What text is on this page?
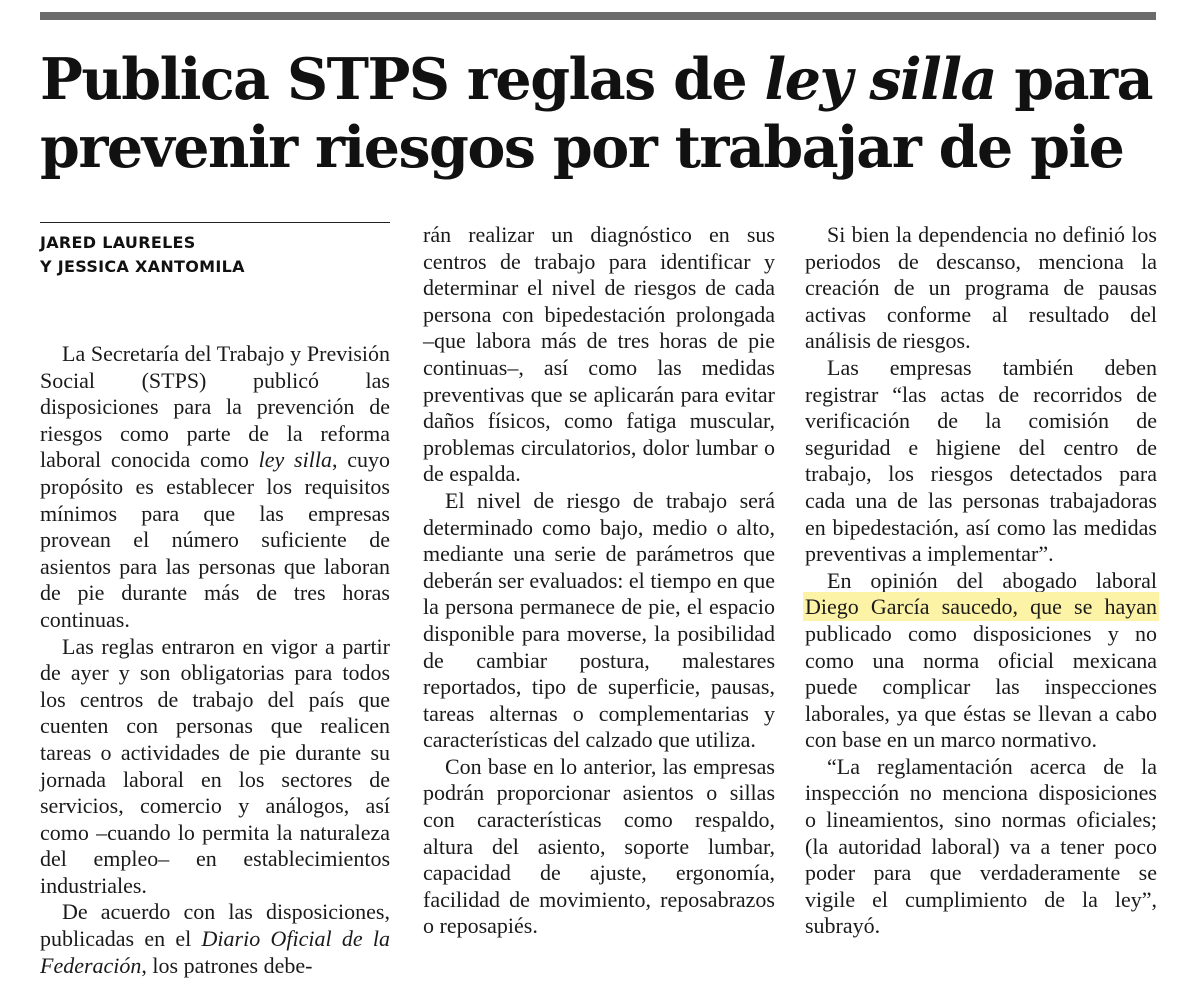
Publica STPS reglas de ley silla para
prevenir riesgos por trabajar de pie
JARED LAURELES
Y JESSICA XANTOMILA

La Secretaría del Trabajo y Previsión Social (STPS) publicó las disposiciones para la prevención de riesgos como parte de la reforma laboral conocida como ley silla, cuyo propósito es establecer los requisitos mínimos para que las empresas provean el número suficiente de asientos para las personas que laboran de pie durante más de tres horas continuas.

Las reglas entraron en vigor a partir de ayer y son obligatorias para todos los centros de trabajo del país que cuenten con personas que realicen tareas o actividades de pie durante su jornada laboral en los sectores de servicios, comercio y análogos, así como –cuando lo permita la naturaleza del empleo– en establecimientos industriales.

De acuerdo con las disposiciones, publicadas en el Diario Oficial de la Federación, los patrones debe-

rán realizar un diagnóstico en sus centros de trabajo para identificar y determinar el nivel de riesgos de cada persona con bipedestación prolongada –que labora más de tres horas de pie continuas–, así como las medidas preventivas que se aplicarán para evitar daños físicos, como fatiga muscular, problemas circulatorios, dolor lumbar o de espalda.

El nivel de riesgo de trabajo será determinado como bajo, medio o alto, mediante una serie de parámetros que deberán ser evaluados: el tiempo en que la persona permanece de pie, el espacio disponible para moverse, la posibilidad de cambiar postura, malestares reportados, tipo de superficie, pausas, tareas alternas o complementarias y características del calzado que utiliza.

Con base en lo anterior, las empresas podrán proporcionar asientos o sillas con características como respaldo, altura del asiento, soporte lumbar, capacidad de ajuste, ergonomía, facilidad de movimiento, reposabrazos o reposapiés.

Si bien la dependencia no definió los periodos de descanso, menciona la creación de un programa de pausas activas conforme al resultado del análisis de riesgos.

Las empresas también deben registrar “las actas de recorridos de verificación de la comisión de seguridad e higiene del centro de trabajo, los riesgos detectados para cada una de las personas trabajadoras en bipedestación, así como las medidas preventivas a implementar”.

En opinión del abogado laboral Diego García saucedo, que se hayan publicado como disposiciones y no como una norma oficial mexicana puede complicar las inspecciones laborales, ya que éstas se llevan a cabo con base en un marco normativo.

“La reglamentación acerca de la inspección no menciona disposiciones o lineamientos, sino normas oficiales; (la autoridad laboral) va a tener poco poder para que verdaderamente se vigile el cumplimiento de la ley”, subrayó.
